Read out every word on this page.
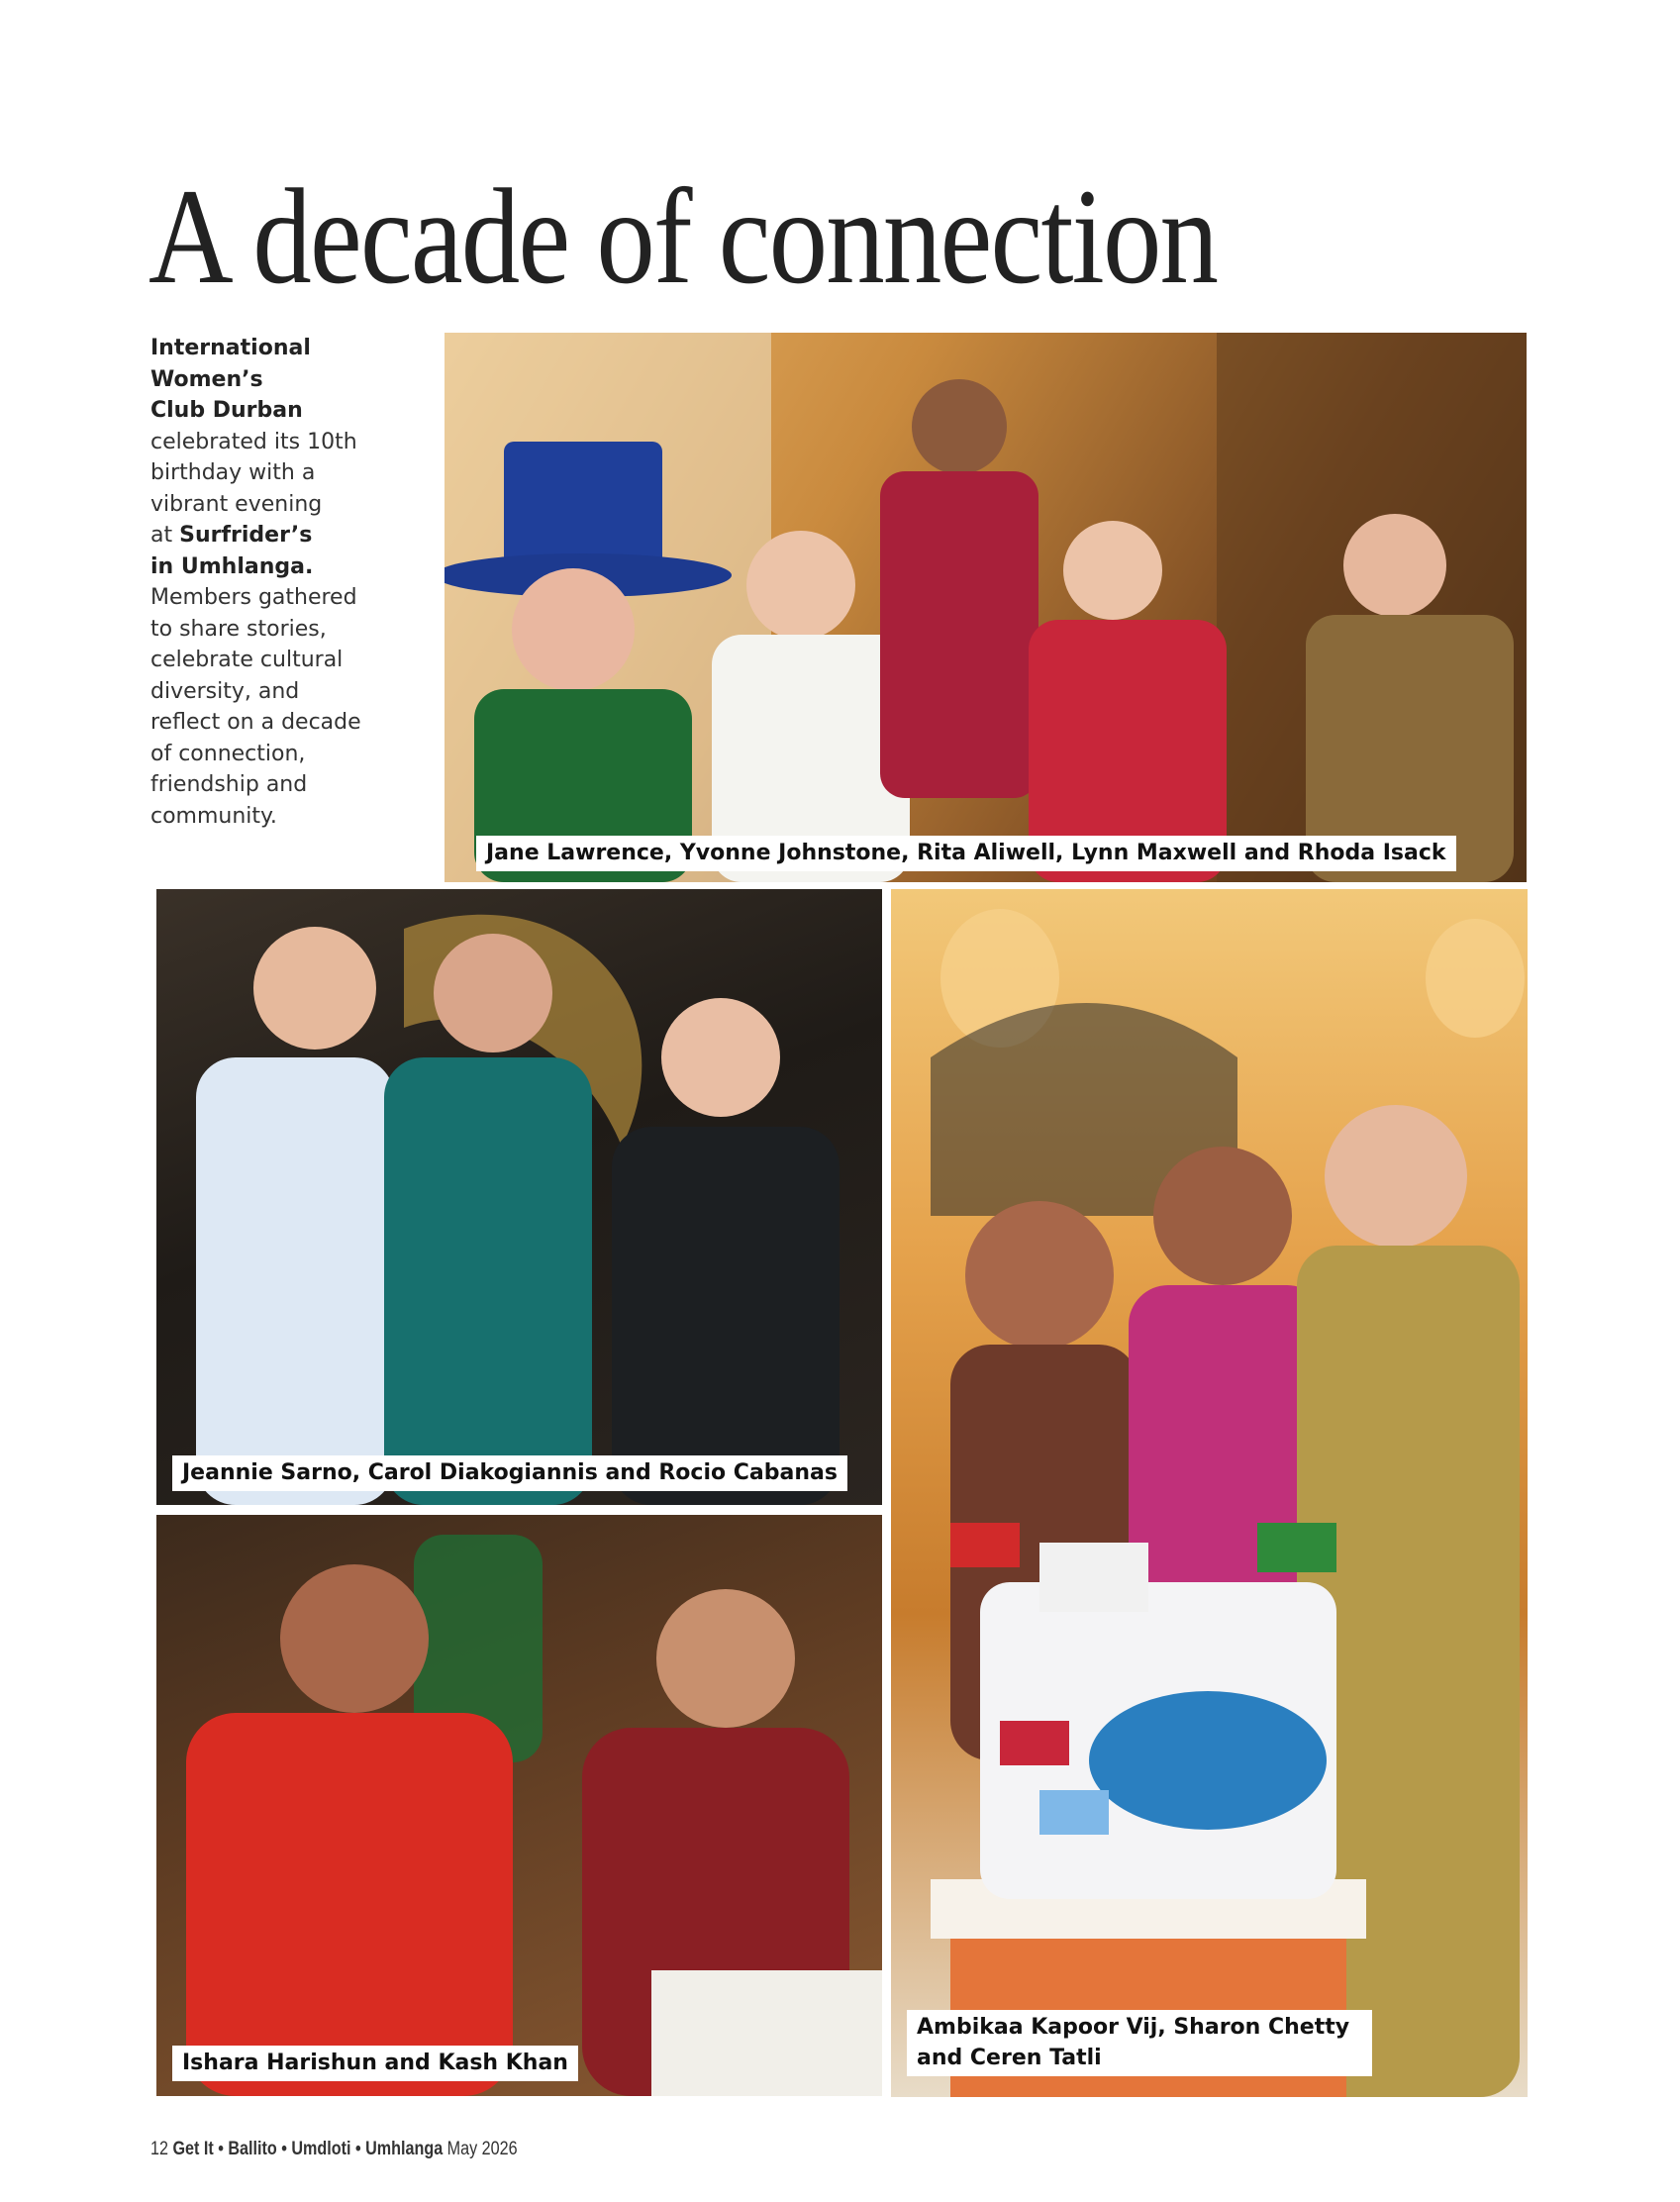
A decade of connection
International
Women’s
Club Durban
celebrated its 10th
birthday with a
vibrant evening
at Surfrider’s
in Umhlanga.
Members gathered
to share stories,
celebrate cultural
diversity, and
reflect on a decade
of connection,
friendship and
community.
Jane Lawrence, Yvonne Johnstone, Rita Aliwell, Lynn Maxwell and Rhoda Isack
Jeannie Sarno, Carol Diakogiannis and Rocio Cabanas
Ambikaa Kapoor Vij, Sharon Chetty
and Ceren Tatli
Ishara Harishun and Kash Khan
12 Get It • Ballito • Umdloti • Umhlanga May 2026
